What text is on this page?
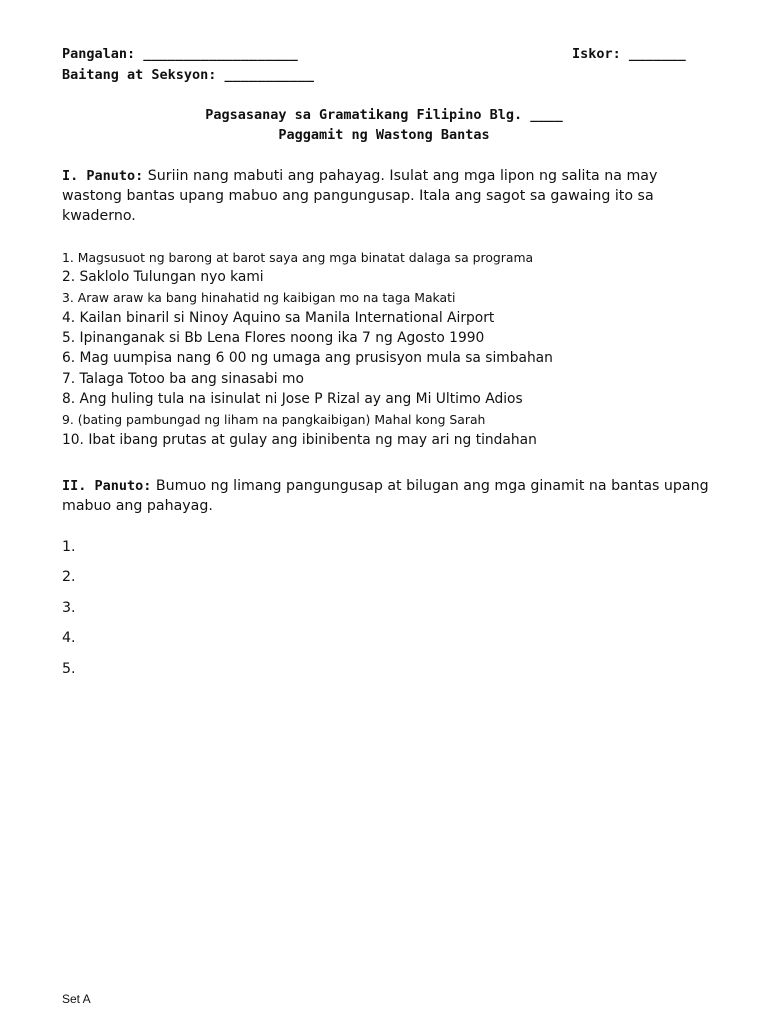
Pangalan: ___________________	Iskor: _______
Baitang at Seksyon: ___________
Pagsasanay sa Gramatikang Filipino Blg. ____
Paggamit ng Wastong Bantas
I. Panuto: Suriin nang mabuti ang pahayag. Isulat ang mga lipon ng salita na may
wastong bantas upang mabuo ang pangungusap. Itala ang sagot sa gawaing ito sa
kwaderno.
1. Magsusuot ng barong at barot saya ang mga binatat dalaga sa programa
2. Saklolo Tulungan nyo kami
3. Araw araw ka bang hinahatid ng kaibigan mo na taga Makati
4. Kailan binaril si Ninoy Aquino sa Manila International Airport
5. Ipinanganak si Bb Lena Flores noong ika 7 ng Agosto 1990
6. Mag uumpisa nang 6 00 ng umaga ang prusisyon mula sa simbahan
7. Talaga Totoo ba ang sinasabi mo
8. Ang huling tula na isinulat ni Jose P Rizal ay ang Mi Ultimo Adios
9. (bating pambungad ng liham na pangkaibigan) Mahal kong Sarah
10. Ibat ibang prutas at gulay ang ibinibenta ng may ari ng tindahan
II. Panuto: Bumuo ng limang pangungusap at bilugan ang mga ginamit na bantas upang
mabuo ang pahayag.
1.
2.
3.
4.
5.
Set A
